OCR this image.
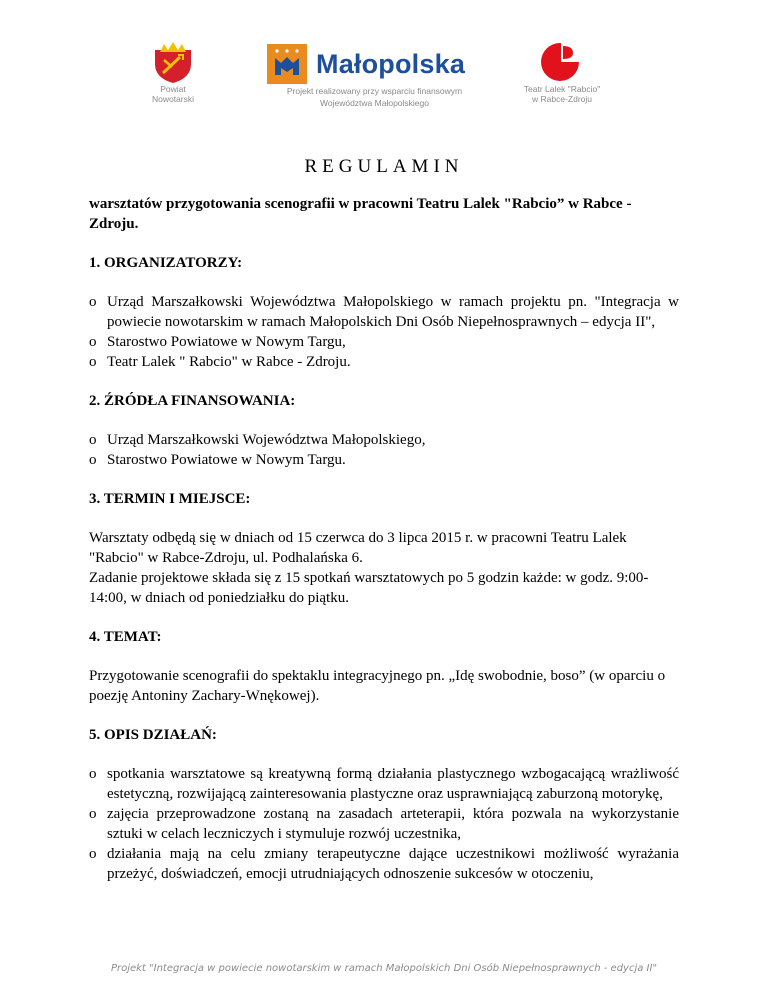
Powiat
Nowotarski
Małopolska
Projekt realizowany przy wsparciu finansowym
Województwa Małopolskiego
Teatr Lalek "Rabcio"
w Rabce-Zdroju
REGULAMIN

warsztatów przygotowania scenografii w pracowni Teatru Lalek "Rabcio” w Rabce - Zdroju.

1. ORGANIZATORZY:

o Urząd Marszałkowski Województwa Małopolskiego w ramach projektu pn. "Integracja w powiecie nowotarskim w ramach Małopolskich Dni Osób Niepełnosprawnych – edycja II",
o Starostwo Powiatowe w Nowym Targu,
o Teatr Lalek " Rabcio" w Rabce - Zdroju.

2. ŹRÓDŁA FINANSOWANIA:

o Urząd Marszałkowski Województwa Małopolskiego,
o Starostwo Powiatowe w Nowym Targu.

3. TERMIN I MIEJSCE:

Warsztaty odbędą się w dniach od 15 czerwca do 3 lipca 2015 r. w pracowni Teatru Lalek "Rabcio" w Rabce-Zdroju, ul. Podhalańska 6.

Zadanie projektowe składa się z 15 spotkań warsztatowych po 5 godzin każde: w godz. 9:00-14:00, w dniach od poniedziałku do piątku.

4. TEMAT:

Przygotowanie scenografii do spektaklu integracyjnego pn. „Idę swobodnie, boso” (w oparciu o poezję Antoniny Zachary-Wnękowej).

5. OPIS DZIAŁAŃ:

o spotkania warsztatowe są kreatywną formą działania plastycznego wzbogacającą wrażliwość estetyczną, rozwijającą zainteresowania plastyczne oraz usprawniającą zaburzoną motorykę,
o zajęcia przeprowadzone zostaną na zasadach arteterapii, która pozwala na wykorzystanie sztuki w celach leczniczych i stymuluje rozwój uczestnika,
o działania mają na celu zmiany terapeutyczne dające uczestnikowi możliwość wyrażania przeżyć, doświadczeń, emocji utrudniających odnoszenie sukcesów w otoczeniu,
Projekt "Integracja w powiecie nowotarskim w ramach Małopolskich Dni Osób Niepełnosprawnych - edycja II"
